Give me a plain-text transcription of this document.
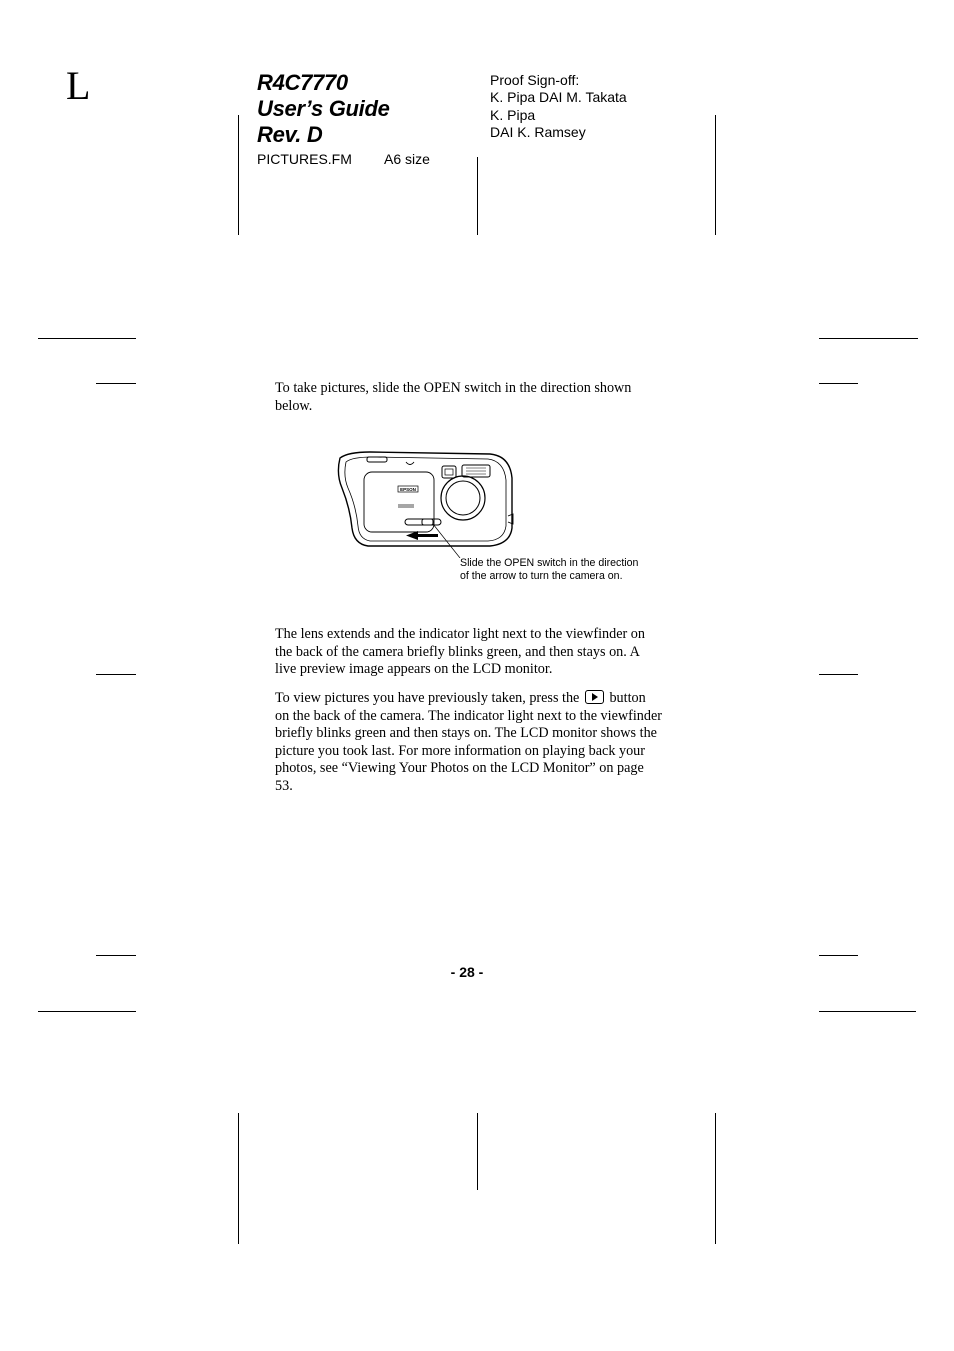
L	R4C7770
User’s Guide
Rev. D
PICTURES.FM A6 size
Proof Sign-off:
K. Pipa DAI M. Takata
K. Pipa
DAI K. Ramsey
To take pictures, slide the OPEN switch in the direction shown below.
EPSON
Slide the OPEN switch in the direction of the arrow to turn the camera on.
The lens extends and the indicator light next to the viewfinder on the back of the camera briefly blinks green, and then stays on. A live preview image appears on the LCD monitor.
To view pictures you have previously taken, press the button on the back of the camera. The indicator light next to the viewfinder briefly blinks green and then stays on. The LCD monitor shows the picture you took last. For more information on playing back your photos, see “Viewing Your Photos on the LCD Monitor” on page 53.
- 28 -
